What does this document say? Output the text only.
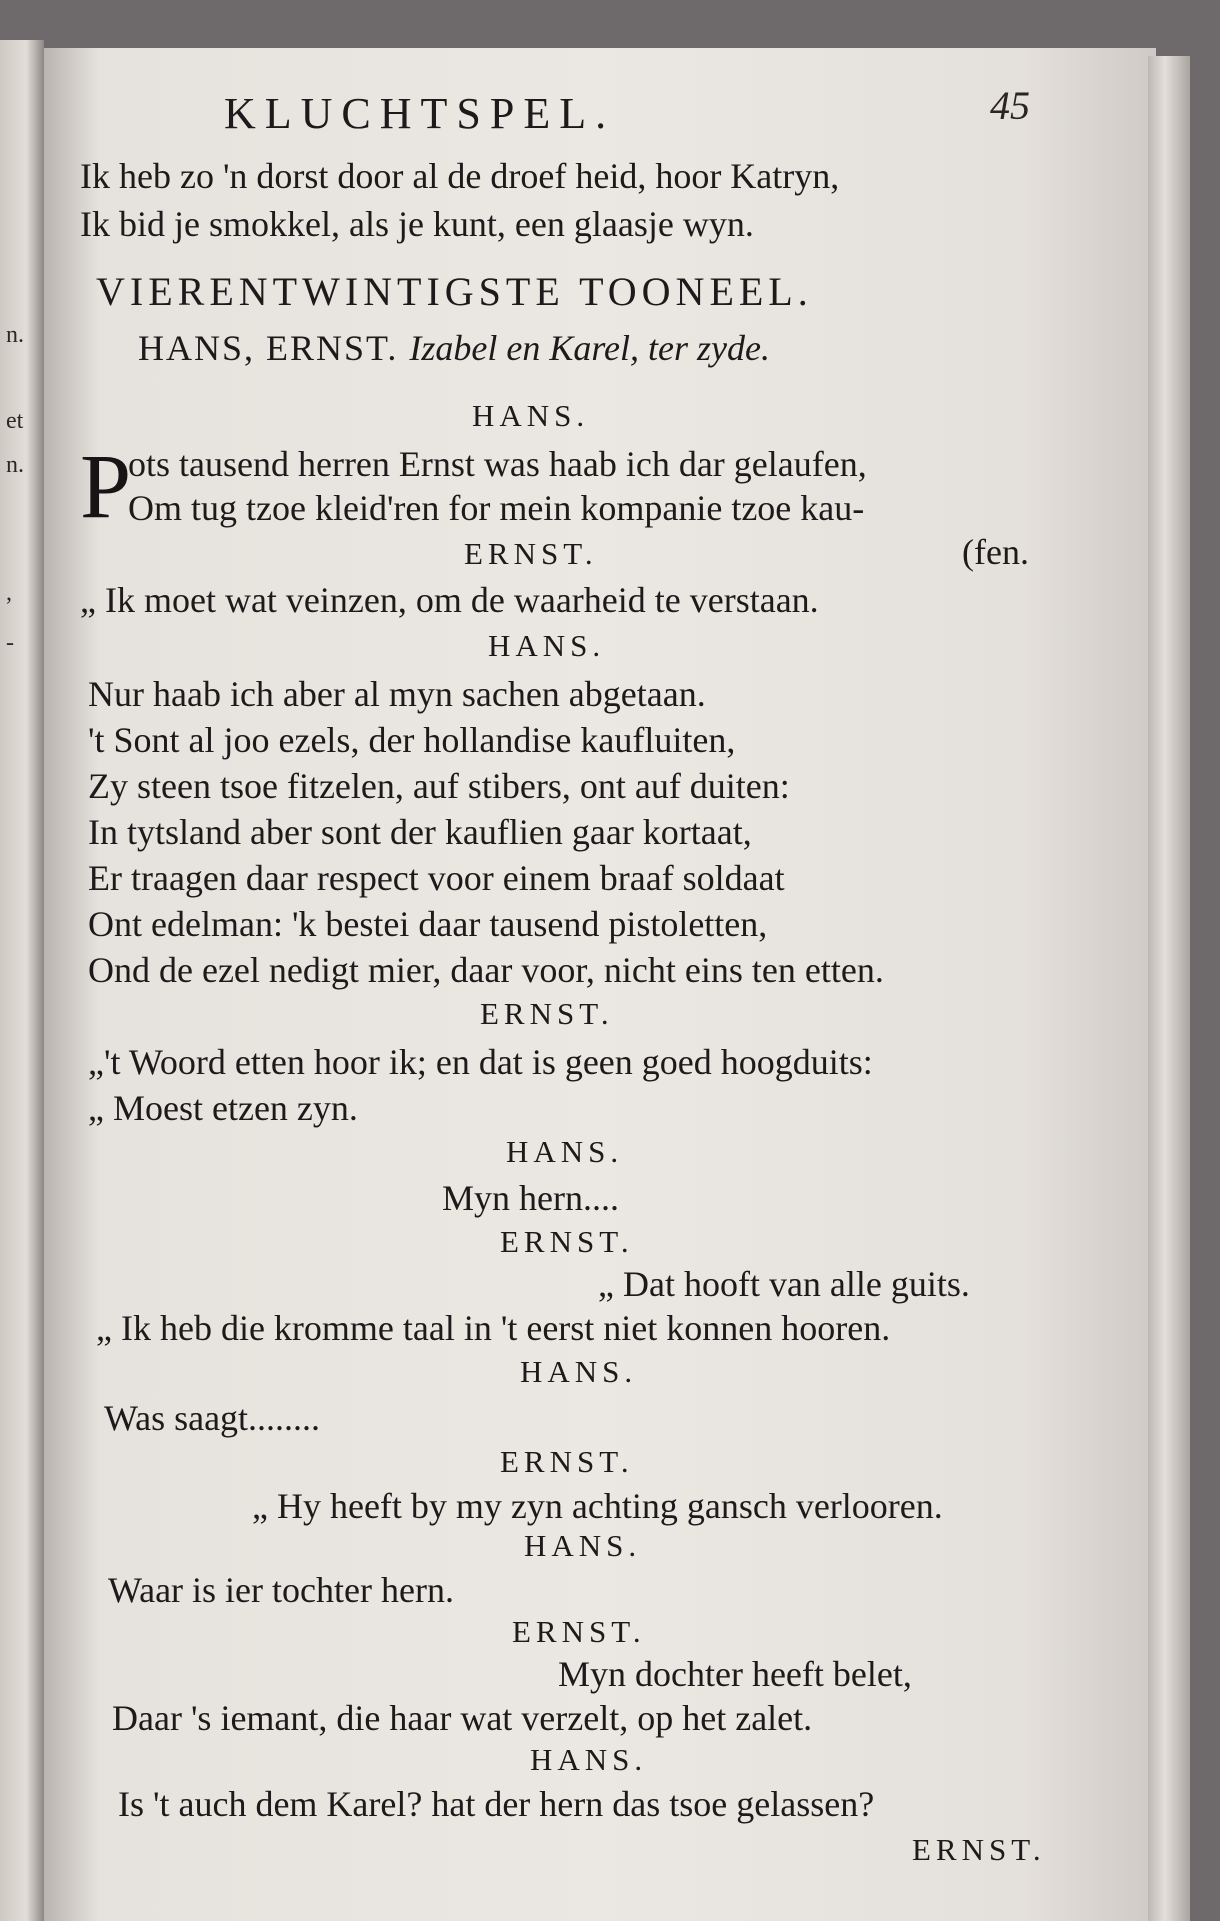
n.
et
n.
,
-

KLUCHTSPEL.	45

Ik heb zo 'n dorst door al de droef heid, hoor Katryn,

Ik bid je smokkel, als je kunt, een glaasje wyn.

VIERENTWINTIGSTE TOONEEL.

HANS, ERNST. Izabel en Karel, ter zyde.

HANS.

P

ots tausend herren Ernst was haab ich dar gelaufen,

Om tug tzoe kleid'ren for mein kompanie tzoe kau-

ERNST.	(fen.

„ Ik moet wat veinzen, om de waarheid te verstaan.

HANS.

Nur haab ich aber al myn sachen abgetaan.

't Sont al joo ezels, der hollandise kaufluiten,

Zy steen tsoe fitzelen, auf stibers, ont auf duiten:

In tytsland aber sont der kauflien gaar kortaat,

Er traagen daar respect voor einem braaf soldaat

Ont edelman: 'k bestei daar tausend pistoletten,

Ond de ezel nedigt mier, daar voor, nicht eins ten etten.

ERNST.

„'t Woord etten hoor ik; en dat is geen goed hoogduits:

„ Moest etzen zyn.

HANS.

Myn hern....

ERNST.

„ Dat hooft van alle guits.

„ Ik heb die kromme taal in 't eerst niet konnen hooren.

HANS.

Was saagt........

ERNST.

„ Hy heeft by my zyn achting gansch verlooren.

HANS.

Waar is ier tochter hern.

ERNST.

Myn dochter heeft belet,

Daar 's iemant, die haar wat verzelt, op het zalet.

HANS.

Is 't auch dem Karel? hat der hern das tsoe gelassen?

ERNST.
